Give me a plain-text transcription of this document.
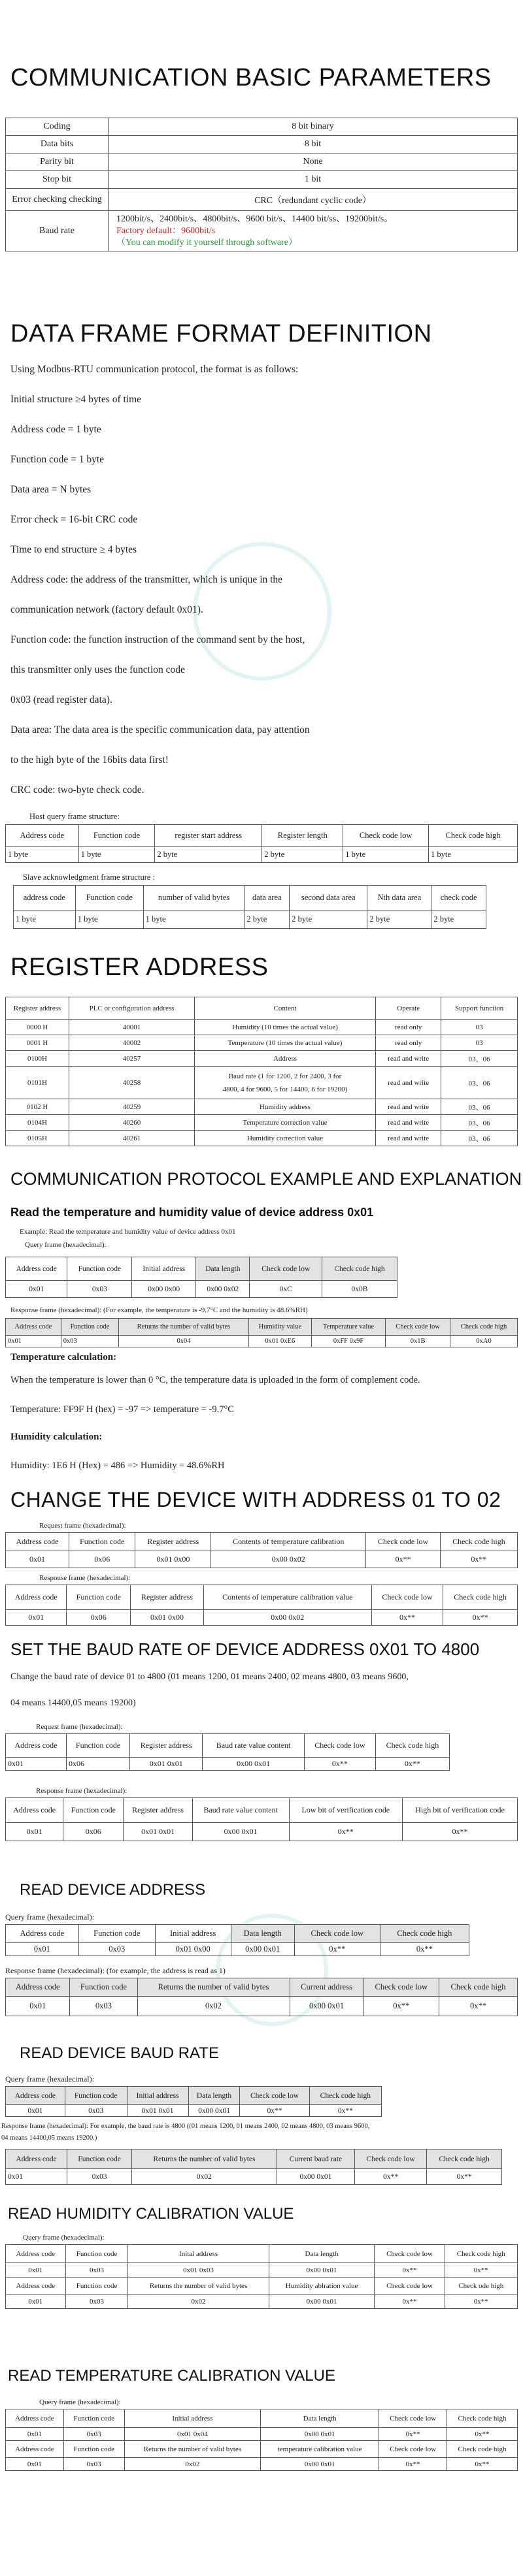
COMMUNICATION BASIC PARAMETERS
Coding	8 bit binary
Data bits	8 bit
Parity bit	None
Stop bit	1 bit
Error checking checking	CRC（redundant cyclic code）
Baud rate	1200bit/s、2400bit/s、4800bit/s、9600 bit/s、14400 bit/ss、19200bit/s。
Factory default：9600bit/s
（You can modify it yourself through software）
DATA FRAME FORMAT DEFINITION
Using Modbus-RTU communication protocol, the format is as follows:
Initial structure ≥4 bytes of time
Address code = 1 byte
Function code = 1 byte
Data area = N bytes
Error check = 16-bit CRC code
Time to end structure ≥ 4 bytes
Address code: the address of the transmitter, which is unique in the
communication network (factory default 0x01).
Function code: the function instruction of the command sent by the host,
this transmitter only uses the function code
0x03 (read register data).
Data area: The data area is the specific communication data, pay attention
to the high byte of the 16bits data first!
CRC code: two-byte check code.
Host query frame structure:
Address code	Function code	register start address	Register length	Check code low	Check code high
1 byte	1 byte	2 byte	2 byte	1 byte	1 byte
Slave acknowledgment frame structure :
address code	Function code	number of valid bytes	data area	second data area	Nth data area	check code
1 byte	1 byte	1 byte	2 byte	2 byte	2 byte	2 byte
REGISTER ADDRESS
Register address	PLC or configuration address	Content	Operate	Support function
0000 H	40001	Humidity (10 times the actual value)	read only	03
0001 H	40002	Temperature (10 times the actual value)	read only	03
0100H	40257	Address	read and write	03、06
0101H	40258	Baud rate (1 for 1200, 2 for 2400, 3 for
4800, 4 for 9600, 5 for 14400, 6 for 19200)	read and write	03、06
0102 H	40259	Humidity address	read and write	03、06
0104H	40260	Temperature correction value	read and write	03、06
0105H	40261	Humidity correction value	read and write	03、06
COMMUNICATION PROTOCOL EXAMPLE AND EXPLANATION
Read the temperature and humidity value of device address 0x01
Example: Read the temperature and humidity value of device address 0x01
Query frame (hexadecimal):
Address code	Function code	Initial address	Data length	Check code low	Check code high
0x01	0x03	0x00 0x00	0x00 0x02	0xC	0x0B
Response frame (hexadecimal): (For example, the temperature is -9.7°C and the humidity is 48.6%RH)
Address code	Function code	Returns the number of valid bytes	Humidity value	Temperature value	Check code low	Check code high
0x01	0x03	0x04	0x01 0xE6	0xFF 0x9F	0x1B	0xA0
Temperature calculation:
When the temperature is lower than 0 °C, the temperature data is uploaded in the form of complement code.
Temperature: FF9F H (hex) = -97 => temperature = -9.7°C
Humidity calculation:
Humidity: 1E6 H (Hex) = 486 => Humidity = 48.6%RH
CHANGE THE DEVICE WITH ADDRESS 01 TO 02
Request frame (hexadecimal):
Address code	Function code	Register address	Contents of temperature calibration	Check code low	Check code high
0x01	0x06	0x01 0x00	0x00 0x02	0x**	0x**
Response frame (hexadecimal):
Address code	Function code	Register address	Contents of temperature calibration value	Check code low	Check code high
0x01	0x06	0x01 0x00	0x00 0x02	0x**	0x**
SET THE BAUD RATE OF DEVICE ADDRESS 0X01 TO 4800
Change the baud rate of device 01 to 4800 (01 means 1200, 01 means 2400, 02 means 4800, 03 means 9600,
04 means 14400,05 means 19200)
Request frame (hexadecimal):
Address code	Function code	Register address	Baud rate value content	Check code low	Check code high
0x01	0x06	0x01 0x01	0x00 0x01	0x**	0x**
Response frame (hexadecimal):
Address code	Function code	Register address	Baud rate value content	Low bit of verification code	High bit of verification code
0x01	0x06	0x01 0x01	0x00 0x01	0x**	0x**
READ DEVICE ADDRESS
Query frame (hexadecimal):
Address code	Function code	Initial address	Data length	Check code low	Check code high
0x01	0x03	0x01 0x00	0x00 0x01	0x**	0x**
Response frame (hexadecimal): (for example, the address is read as 1)
Address code	Function code	Returns the number of valid bytes	Current address	Check code low	Check code high
0x01	0x03	0x02	0x00 0x01	0x**	0x**
READ DEVICE BAUD RATE
Query frame (hexadecimal):
Address code	Function code	Initial address	Data length	Check code low	Check code high
0x01	0x03	0x01 0x01	0x00 0x01	0x**	0x**
Response frame (hexadecimal): For example, the baud rate is 4800 ((01 means 1200, 01 means 2400, 02 means 4800, 03 means 9600,
04 means 14400,05 means 19200.)
Address code	Function code	Returns the number of valid bytes	Current baud rate	Check code low	Check code high
0x01	0x03	0x02	0x00 0x01	0x**	0x**
READ HUMIDITY CALIBRATION VALUE
Query frame (hexadecimal):
Address code	Function code	Inital address	Data length	Check code low	Check code high
0x01	0x03	0x01 0x03	0x00 0x01	0x**	0x**
Address code	Function code	Returns the number of valid bytes	Humidity ablration value	Check code low	Check ode high
0x01	0x03	0x02	0x00 0x01	0x**	0x**
READ TEMPERATURE CALIBRATION VALUE
Query frame (hexadecimal):
Address code	Function code	Initial address	Data length	Check code low	Check code high
0x01	0x03	0x01 0x04	0x00 0x01	0x**	0x**
Address code	Function code	Returns the number of valid bytes	temperature calibration value	Check code low	Check code high
0x01	0x03	0x02	0x00 0x01	0x**	0x**
